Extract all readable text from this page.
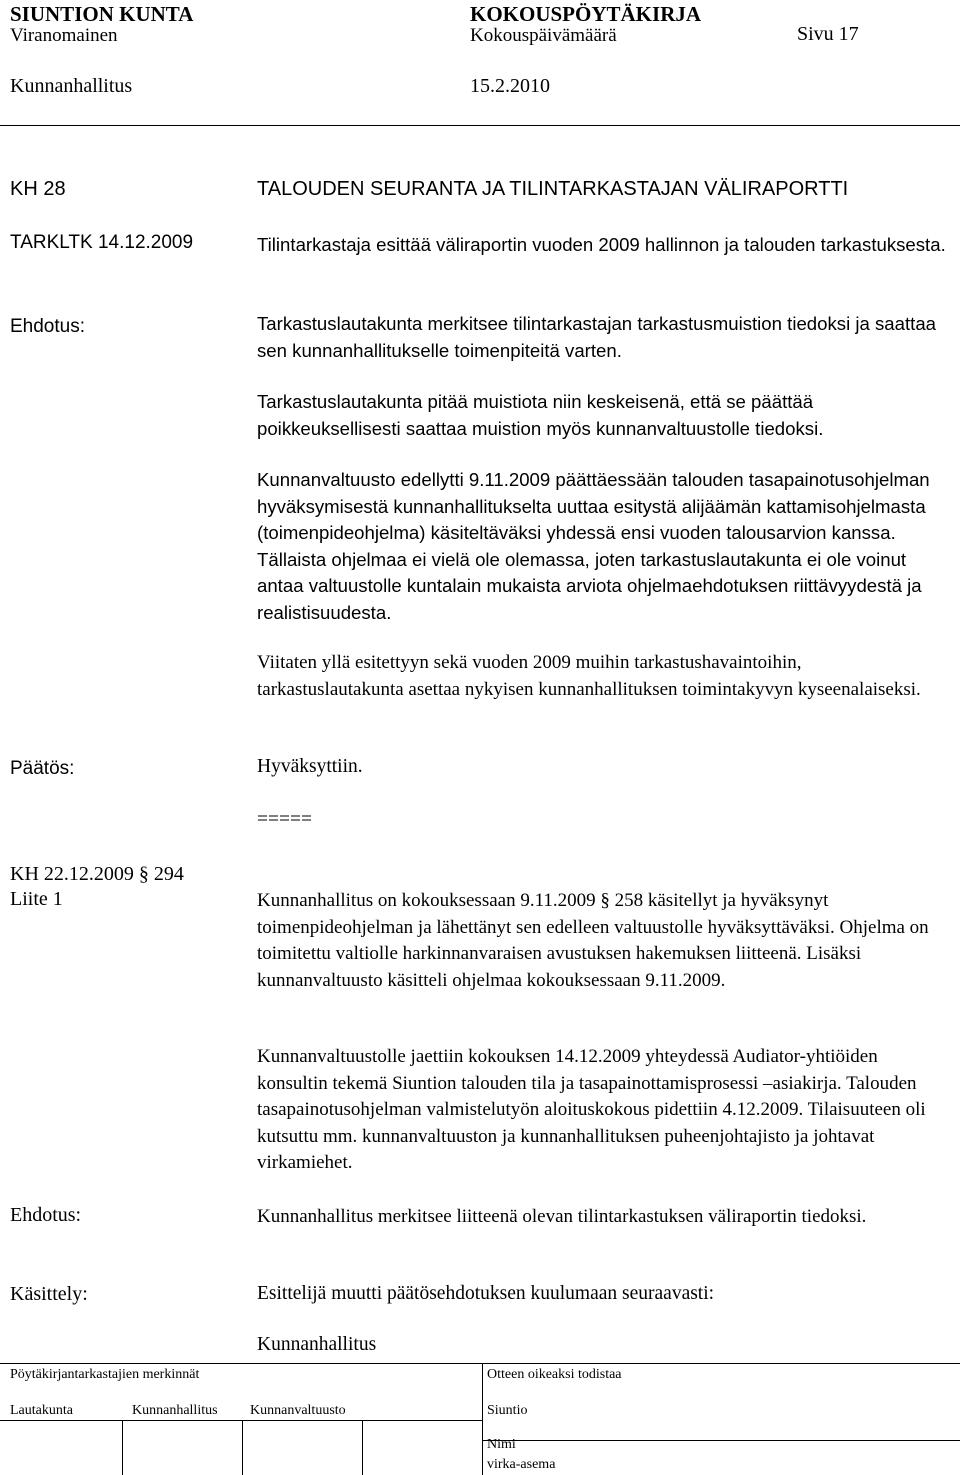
SIUNTION KUNTA	KOKOUSPÖYTÄKIRJA
Viranomainen	Kokouspäivämäärä	Sivu 17
Kunnanhallitus	15.2.2010
KH 28	TALOUDEN SEURANTA JA TILINTARKASTAJAN VÄLIRAPORTTI
TARKLTK 14.12.2009	Tilintarkastaja esittää väliraportin vuoden 2009 hallinnon ja talouden tarkastuksesta.

Ehdotus:	Tarkastuslautakunta merkitsee tilintarkastajan tarkastusmuistion tiedoksi ja saattaa sen kunnanhallitukselle toimenpiteitä varten.

Tarkastuslautakunta pitää muistiota niin keskeisenä, että se päättää poikkeuksellisesti saattaa muistion myös kunnanvaltuustolle tiedoksi.

Kunnanvaltuusto edellytti 9.11.2009 päättäessään talouden tasapainotusohjelman hyväksymisestä kunnanhallitukselta uuttaa esitystä alijäämän kattamisohjelmasta (toimenpideohjelma) käsiteltäväksi yhdessä ensi vuoden talousarvion kanssa. Tällaista ohjelmaa ei vielä ole olemassa, joten tarkastuslautakunta ei ole voinut antaa valtuustolle kuntalain mukaista arviota ohjelmaehdotuksen riittävyydestä ja realistisuudesta.

Viitaten yllä esitettyyn sekä vuoden 2009 muihin tarkastushavaintoihin, tarkastuslautakunta asettaa nykyisen kunnanhallituksen toimintakyvyn kyseenalaiseksi.

Päätös:	Hyväksyttiin.
=====
KH 22.12.2009 § 294
Liite 1	Kunnanhallitus on kokouksessaan 9.11.2009 § 258 käsitellyt ja hyväksynyt toimenpideohjelman ja lähettänyt sen edelleen valtuustolle hyväksyttäväksi. Ohjelma on toimitettu valtiolle harkinnanvaraisen avustuksen hakemuksen liitteenä. Lisäksi kunnanvaltuusto käsitteli ohjelmaa kokouksessaan 9.11.2009.

Kunnanvaltuustolle jaettiin kokouksen 14.12.2009 yhteydessä Audiator-yhtiöiden konsultin tekemä Siuntion talouden tila ja tasapainottamisprosessi –asiakirja. Talouden tasapainotusohjelman valmistelutyön aloituskokous pidettiin 4.12.2009. Tilaisuuteen oli kutsuttu mm. kunnanvaltuuston ja kunnanhallituksen puheenjohtajisto ja johtavat virkamiehet.

Ehdotus:	Kunnanhallitus merkitsee liitteenä olevan tilintarkastuksen väliraportin tiedoksi.

Käsittely:	Esittelijä muutti päätösehdotuksen kuulumaan seuraavasti:
Kunnanhallitus
Pöytäkirjantarkastajien merkinnät	Otteen oikeaksi todistaa
Lautakunta	Kunnanhallitus Kunnanvaltuusto	Siuntio
Nimi
virka-asema
